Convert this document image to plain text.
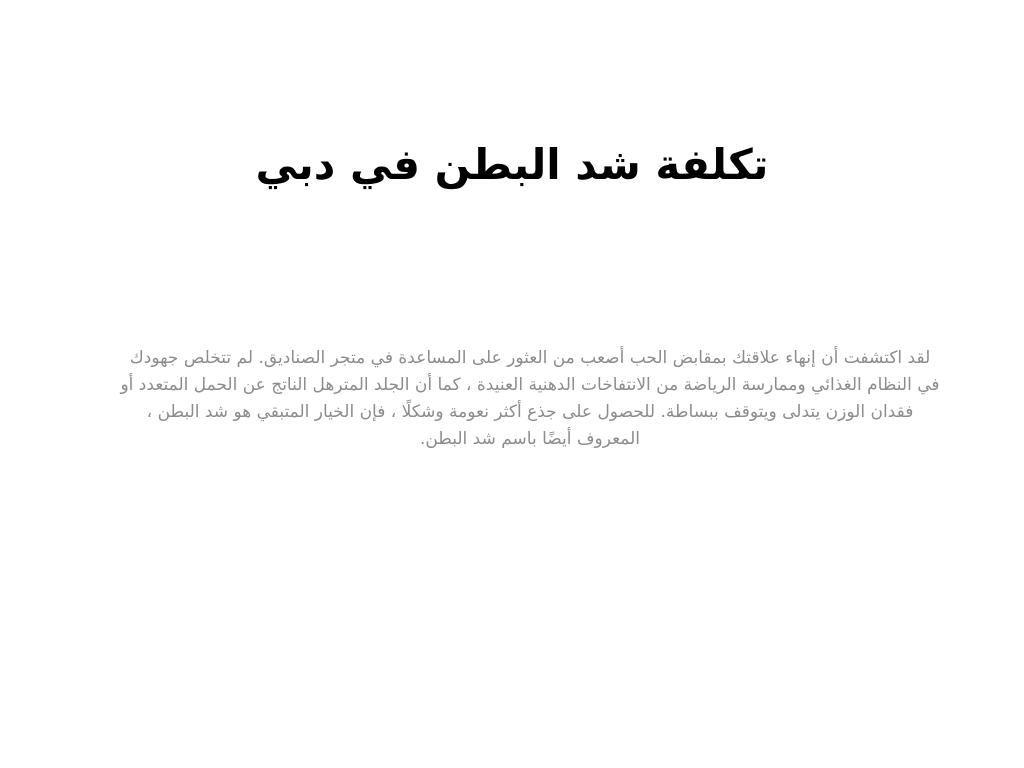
تكلفة شد البطن في دبي

لقد اكتشفت أن إنهاء علاقتك بمقابض الحب أصعب من العثور على المساعدة في متجر الصناديق. لم تتخلص جهودك في النظام الغذائي وممارسة الرياضة من الانتفاخات الدهنية العنيدة ، كما أن الجلد المترهل الناتج عن الحمل المتعدد أو فقدان الوزن يتدلى ويتوقف ببساطة. للحصول على جذع أكثر نعومة وشكلًا ، فإن الخيار المتبقي هو شد البطن ، المعروف أيضًا باسم شد البطن.
